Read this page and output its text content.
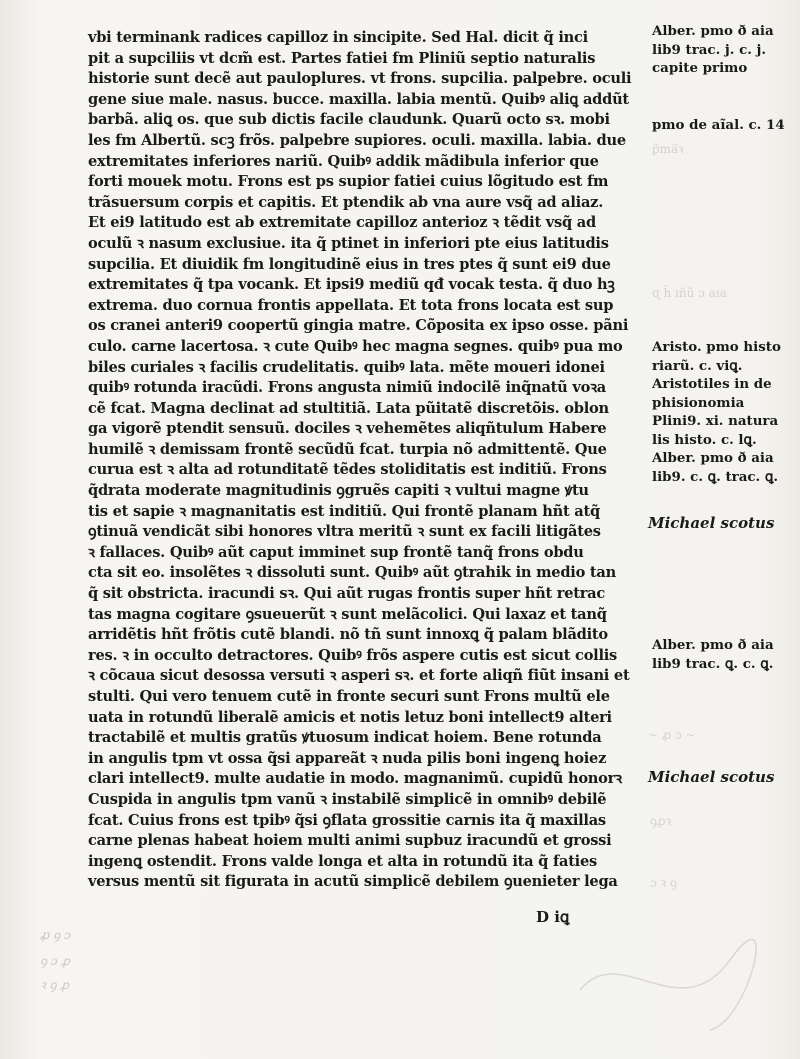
ꝑ̃ma̅ꝛ
ɋ h̃ ıñũ ɔ aıa
~ ꝓ ɔ ~
ꝯꝓꝛ
ɔ ꝛ ꝯ
ꝓ ꝯ ɔ
ꝯ ɔ ꝓ
ꝛ ꝯ ꝓ
vbi terminank radices capilloz in sincipite. Sed Hal. dicit q̃ inci
pit a supciliis vt dcm̃ est. Partes fatiei fm Pliniũ septio naturalis
historie sunt decẽ aut pauloplures. vt frons. supcilia. palpebre. oculi
gene siue male. nasus. bucce. maxilla. labia mentũ. Quibꝰ aliꝗ addũt
barbã. aliꝗ os. que sub dictis facile claudunk. Quarũ octo sꝛ. mobi
les fm Albertũ. scꝫ frõs. palpebre supiores. oculi. maxilla. labia. due
extremitates inferiores nariũ. Quibꝰ addik mãdibula inferior que
forti mouek motu. Frons est ps supior fatiei cuius lõgitudo est fm
trãsuersum corpis et capitis. Et ptendik ab vna aure vsq̃ ad aliaz.
Et ei9 latitudo est ab extremitate capilloz anterioz ꝛ tẽdit vsq̃ ad
oculũ ꝛ nasum exclusiue. ita q̃ ptinet in inferiori pte eius latitudis
supcilia. Et diuidik fm longitudinẽ eius in tres ptes q̃ sunt ei9 due
extremitates q̃ tpa vocank. Et ipsi9 mediũ qđ vocak testa. q̃ duo hꝫ
extrema. duo cornua frontis appellata. Et tota frons locata est sup
os cranei anteri9 coopertũ gingia matre. Cõposita ex ipso osse. pãni
culo. carne lacertosa. ꝛ cute Quibꝰ hec magna segnes. quibꝰ pua mo
biles curiales ꝛ facilis crudelitatis. quibꝰ lata. mẽte moueri idonei
quibꝰ rotunda iracũdi. Frons angusta nimiũ indocilẽ inq̃natũ voꝛa
cẽ fcat. Magna declinat ad stultitiã. Lata pũitatẽ discretõis. oblon
ga vigorẽ ptendit sensuũ. dociles ꝛ vehemẽtes aliqñtulum Habere
humilẽ ꝛ demissam frontẽ secũdũ fcat. turpia nõ admittentẽ. Que
curua est ꝛ alta ad rotunditatẽ tẽdes stoliditatis est inditiũ. Frons
q̃drata moderate magnitudinis ꝯgruẽs capiti ꝛ vultui magne ꝟtu
tis et sapie ꝛ magnanitatis est inditiũ. Qui frontẽ planam hñt atq̃
ꝯtinuã vendicãt sibi honores vltra meritũ ꝛ sunt ex facili litigãtes
ꝛ fallaces. Quibꝰ aũt caput imminet sup frontẽ tanq̃ frons obdu
cta sit eo. insolẽtes ꝛ dissoluti sunt. Quibꝰ aũt ꝯtrahik in medio tan
q̃ sit obstricta. iracundi sꝛ. Qui aũt rugas frontis super hñt retrac
tas magna cogitare ꝯsueuerũt ꝛ sunt melãcolici. Qui laxaz et tanq̃
arridẽtis hñt frõtis cutẽ blandi. nõ tñ sunt innoxꝗ q̃ palam blãdito
res. ꝛ in occulto detractores. Quibꝰ frõs aspere cutis est sicut collis
ꝛ cõcaua sicut desossa versuti ꝛ asperi sꝛ. et forte aliqñ fiũt insani et
stulti. Qui vero tenuem cutẽ in fronte securi sunt Frons multũ ele
uata in rotundũ liberalẽ amicis et notis letuz boni intellect9 alteri
tractabilẽ et multis gratũs ꝟtuosum indicat hoiem. Bene rotunda
in angulis tpm vt ossa q̃si appareãt ꝛ nuda pilis boni ingenꝗ hoiez
clari intellect9. multe audatie in modo. magnanimũ. cupidũ honorꝛ
Cuspida in angulis tpm vanũ ꝛ instabilẽ simplicẽ in omnibꝰ debilẽ
fcat. Cuius frons est tpibꝰ q̃si ꝯflata grossitie carnis ita q̃ maxillas
carne plenas habeat hoiem multi animi supbuz iracundũ et grossi
ingenꝗ ostendit. Frons valde longa et alta in rotundũ ita q̃ faties
versus mentũ sit figurata in acutũ simplicẽ debilem ꝯuenieter lega
D iꝗ
Alber. pmo ð aia
lib9 trac. j. c. j.
capite primo
pmo de aĩal. c. 14
Aristo. pmo histo
riarũ. c. viꝗ.
Aristotiles in de
phisionomia
Plini9. xi. natura
lis histo. c. lꝗ.
Alber. pmo ð aia
lib9. c. ꝗ. trac. ꝗ.
Michael scotus
Alber. pmo ð aia
lib9 trac. ꝗ. c. ꝗ.
Michael scotus
